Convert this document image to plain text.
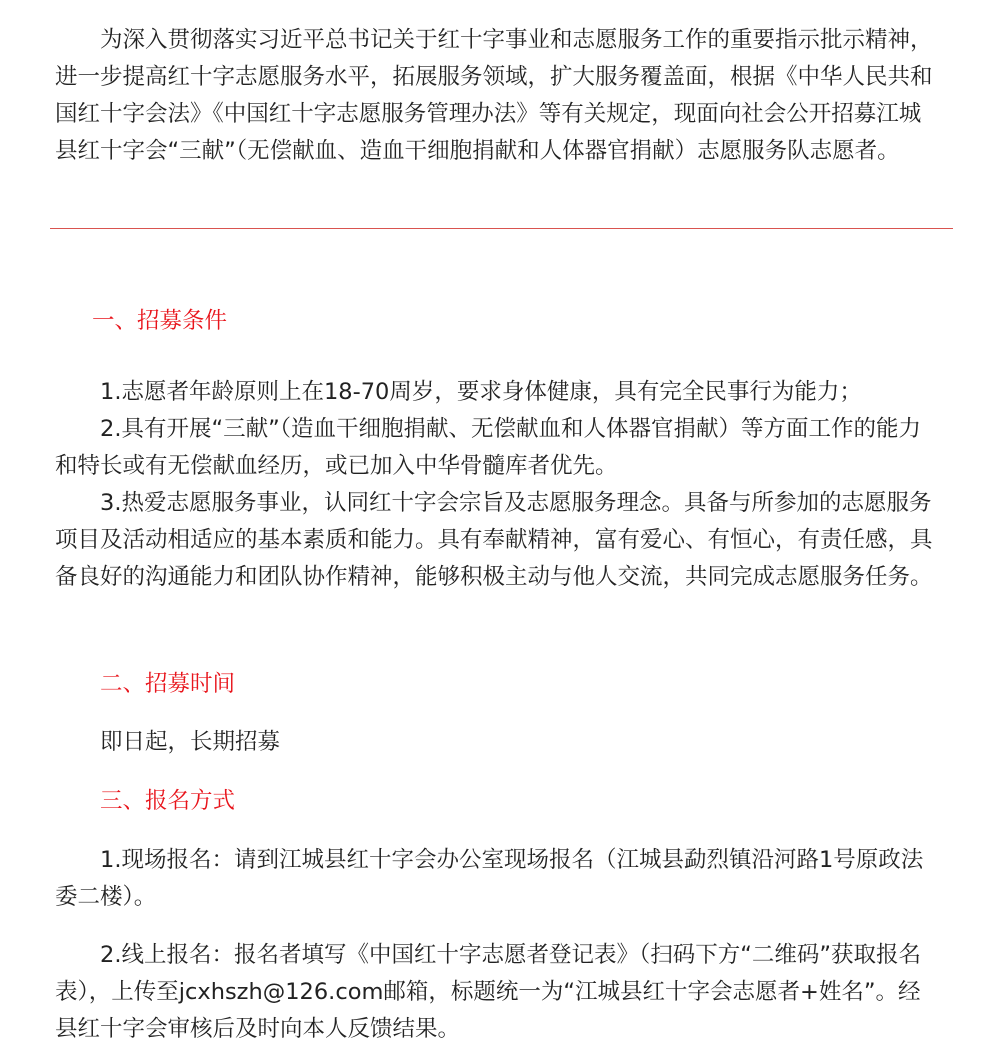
为深入贯彻落实习近平总书记关于红十字事业和志愿服务工作的重要指示批示精神，进一步提高红十字志愿服务水平，拓展服务领域，扩大服务覆盖面，根据《中华人民共和国红十字会法》《中国红十字志愿服务管理办法》等有关规定，现面向社会公开招募江城县红十字会“三献”（无偿献血、造血干细胞捐献和人体器官捐献）志愿服务队志愿者。

一、招募条件

1.志愿者年龄原则上在18-70周岁，要求身体健康，具有完全民事行为能力；

2.具有开展“三献”（造血干细胞捐献、无偿献血和人体器官捐献）等方面工作的能力和特长或有无偿献血经历，或已加入中华骨髓库者优先。

3.热爱志愿服务事业，认同红十字会宗旨及志愿服务理念。具备与所参加的志愿服务项目及活动相适应的基本素质和能力。具有奉献精神，富有爱心、有恒心，有责任感，具备良好的沟通能力和团队协作精神，能够积极主动与他人交流，共同完成志愿服务任务。

二、招募时间

即日起，长期招募

三、报名方式

1.现场报名：请到江城县红十字会办公室现场报名（江城县勐烈镇沿河路1号原政法委二楼）。

2.线上报名：报名者填写《中国红十字志愿者登记表》（扫码下方“二维码”获取报名表），上传至jcxhszh@126.com邮箱，标题统一为“江城县红十字会志愿者+姓名”。经县红十字会审核后及时向本人反馈结果。
